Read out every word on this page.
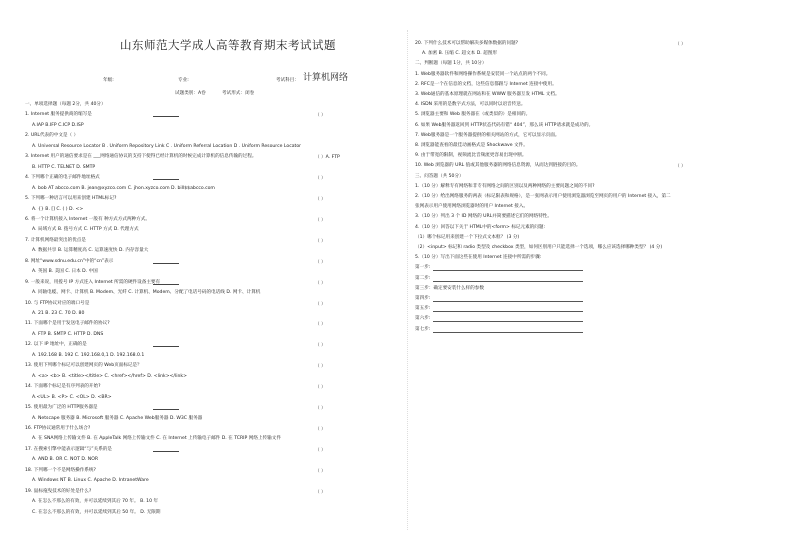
山东师范大学成人高等教育期末考试试题
年级:	专业:	考试科目： 计算机网络
试题类别：A卷	考试形式：闭卷
一、单项选择题（每题 2分，共 40分）
1. Internet 服务提供商的缩写是	（ ）
A.IAP B.IFP C.ICP D.ISP
2. URL代表的中文是（ ）
A. Universal Resource Locator B . Uniform Repository Link C . Uniform Referral Location D . Uniform Resource Locator
3. Internet 用户的通信要求是在 ___网络通信协议的支持下使得已经计算机的时候完成计算机的信息传输的过程。	（ ）A. FTP
B. HTTP C. TELNET D. SMTP
4. 下列哪个正确的电子邮件地址格式	（ ）
A. bob AT abcco.com B. jean@xyzco.com C. jhon.xyzco.com D. bill$$abcco.com
5. 下列哪一种语言可以用来创建 HTML标记?	（ ）
A. {} B. [] C. ( ) D. <>
6. 将一个计算机接入 Internet 一般有 种方式方式两种方式。	（ ）
A. 局域方式 B. 拨号方式 C. HTTP 方式 D. 代理方式
7. 计算机网络最突出的优点是	（ ）
A. 数据共享 B. 运算精度高 C. 运算速度快 D. 内存容量大
8. 网址“www.sdnu.edu.cn”中的“cn”表示	（ ）
A. 英国 B. 美国 C. 日本 D. 中国
9. 一般来说，用拨号 IP 方式连入 Internet 所需的硬件设备主要有	（ ）
A. 同轴电缆、网卡、计算机 B. Modem、光纤 C. 计算机、Modem、分配了电话号码的电话线 D. 网卡、计算机
10. 与 FTP协议对应的端口号是	（ ）
A. 21 B. 23 C. 70 D. 80
11. 下面哪个是用于发送电子邮件的协议?	（ ）
A. FTP B. SMTP C. HTTP D. DNS
12. 以下 IP 地址中，正确的是	（ ）
A. 192.168 B. 192 C. 192.168.0,1 D. 192.168.0.1
13. 使用下列哪个标记可以创建网页的 Web页面标记是？	（ ）
A. <a> <b> B. <title></title> C. <href></href> D. <link></link>
14. 下面哪个标记是有序列表的开始?	（ ）
A.<UL> B. <P> C. <OL> D. <BR>
15. 使用最为广泛的 HTTP服务器是	（ ）
A. Netscape 服务器 B. Microsoft 服务器 C. Apache Web服务器 D. W3C 服务器
16. FTP协议通常用于什么场合?	（ ）
A. 在 SNA网络上传输文件 B. 在 AppleTalk 网络上传输文件 C. 在 Internet 上传输电子邮件 D. 在 TCRIP 网络上传输文件
17. 在搜索引擎中能表示逻辑“与”关系的是	（ ）
A. AND B. OR C. NOT D. NOR
18. 下列哪一个不是网络操作系统?	（ ）
A. Windows NT B. Linux C. Apache D. IntranetWare
19. 鼠标拖曳技术的好处是什么?	（ ）
A. 在怎么不那么的有效，并可以延续到其后 70 年。 B. 10 年
C. 在怎么不那么的有效，并可以延续到其后 50 年。 D. 无限期
20. 下列什么技术可以帮助解决多媒体数据的问题?	（ ）
A. 加密 B. 压缩 C. 超文本 D. 超图形
二、判断题（每题 1分，共 10分）
1. Web服务器软件和网络操作系统是安装同一个站点的两个不同。
2. RFC是一个在信息的文档，这些信息都跟与 Internet 连接中使用。
3. Web通信的基本原理就在网站和在 WWW 服务器互发 HTML 文档。
4. ISDN 采用的是数字式方法，可以同时以语音传送。
5. 浏览器主要和 Web 服务器在（或类似的）是相同的。
6. 如果 Web服务器返回到 HTTP状态代码有错“ 404”，那么该 HTTP请求就是成功的。
7. Web服务器是一个服务器提供的相关网站的方式，它可以显示页面。
8. 浏览器能查看的最佳动画格式是 Shockwave 文件。
9. 由于带宽的限制，视频流比音频流更容易出现中断。
10. Web 浏览器的 URL 值或其他服务器的网络信息资源，从而达到链接的目的。	（ ）
三、问答题（共 50分）
1.（10 分）解释专有网络和非专有网络之间的区别以及两种网络的主要问题之间的不同?
2.（10 分）给出网络服务的两表（标记限表和规格），是一张网表示用户使用浏览器浏览至网页的用户的 Internet 接入，第二
张网表示用户使用网络浏览器时的用户 Internet 接入。
3.（10 分）列出 3 个 ID 网络的 URL并简要描述它们的网络特性。
4.（10 分）回答以下关于 HTML中的<form> 标记元素的问题:
（1）哪个标记用来创建一个下拉式文本框？ (3 分)
（2）<input> 标记和 radio 类型及 checkbox 类型，如何区别用户只能选择一个选项，哪么应该选择哪种类型？ (4 分)
5.（10 分）写出下面这些在使用 Internet 连接中所需的步骤:
第一步:
第二步:
第三步：确定要安装什么样的参数
第四步:
第五步:
第六步:
第七步:
